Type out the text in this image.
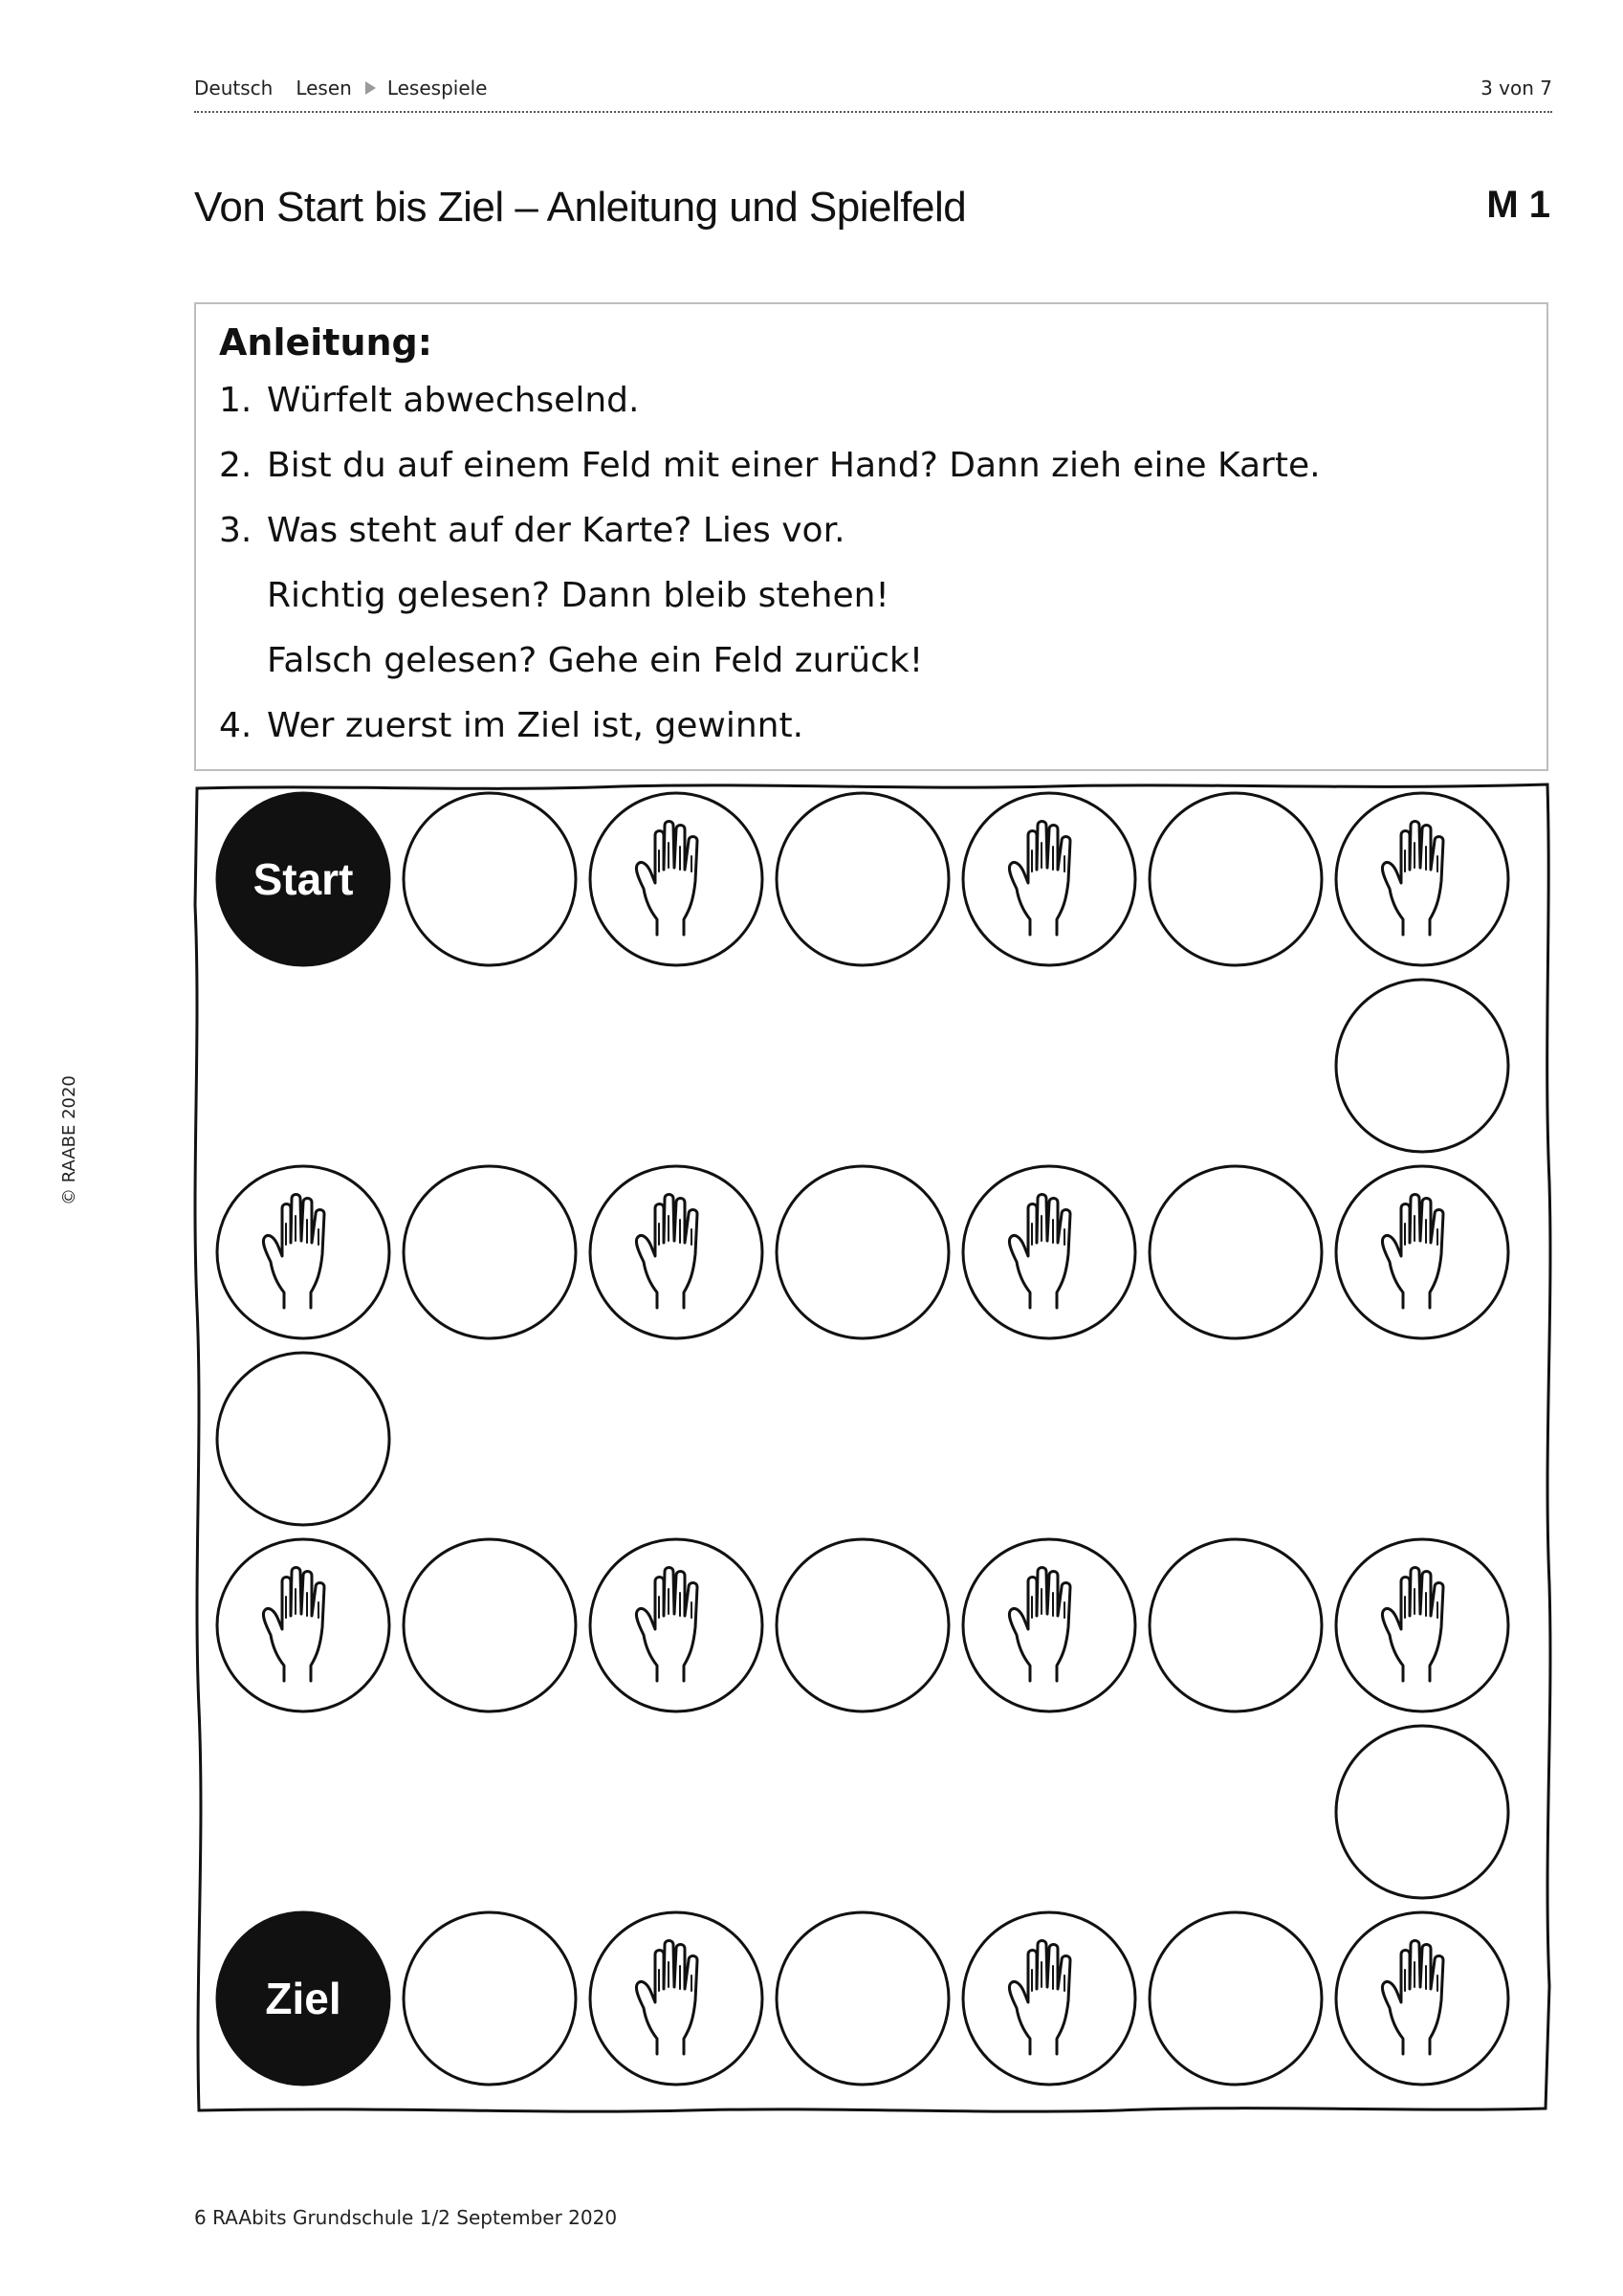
Deutsch Lesen Lesespiele	3 von 7
Von Start bis Ziel – Anleitung und Spielfeld	M 1
Anleitung:
1. Würfelt abwechselnd.
2. Bist du auf einem Feld mit einer Hand? Dann zieh eine Karte.
3. Was steht auf der Karte? Lies vor.
Richtig gelesen? Dann bleib stehen!
Falsch gelesen? Gehe ein Feld zurück!
4. Wer zuerst im Ziel ist, gewinnt.
Start
Ziel
© RAABE 2020
6 RAAbits Grundschule 1/2 September 2020
